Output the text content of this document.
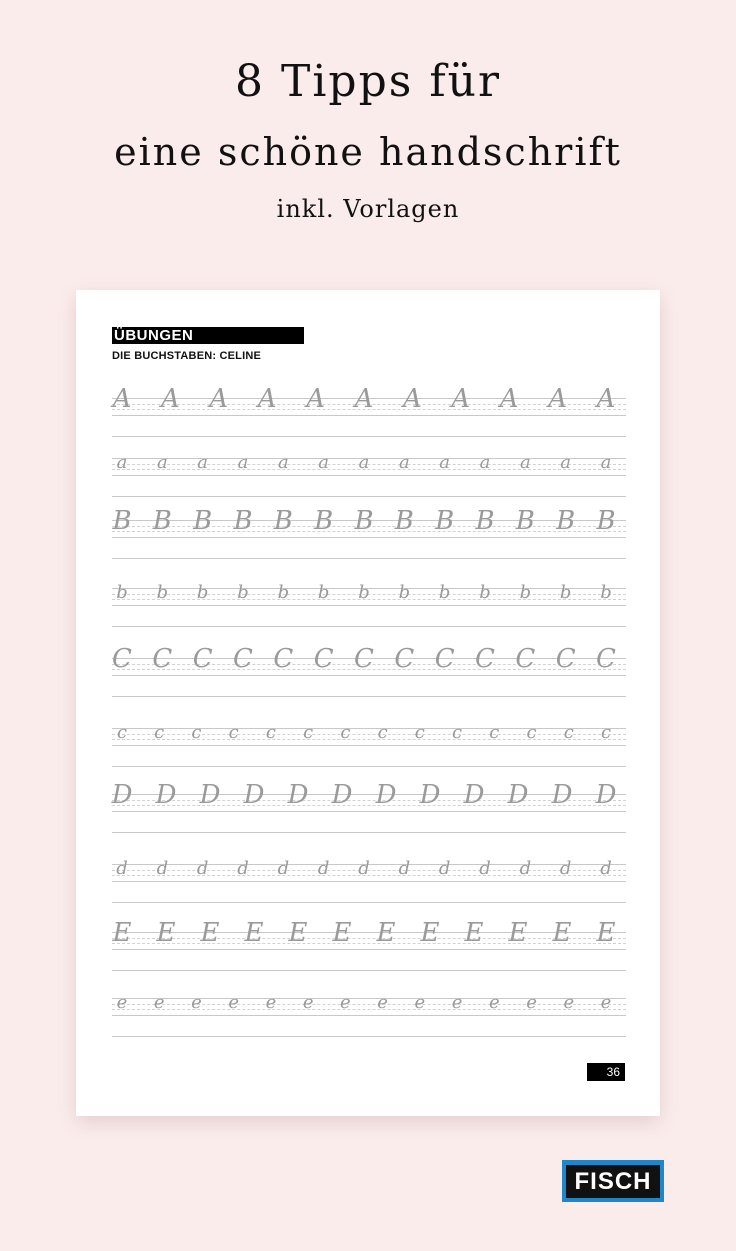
8 Tipps für
eine schöne handschrift
inkl. Vorlagen
ÜBUNGEN
DIE BUCHSTABEN: CELINE
A	A	A	A	A	A	A	A	A	A	A
a	a	a	a	a	a	a	a	a	a	a	a	a
B B B B B B B B B B B B B
b	b	b	b	b	b	b	b	b	b	b	b	b
C C C C C C C C C C C C C
c	c	c	c	c	c	c	c	c	c	c	c	c	c
D D D D D D D D D D D D
d	d	d	d	d	d	d	d	d	d	d	d	d
E E E E E E E E E E E E
e	e	e	e	e	e	e	e	e	e	e	e	e	e
36
FISCH
